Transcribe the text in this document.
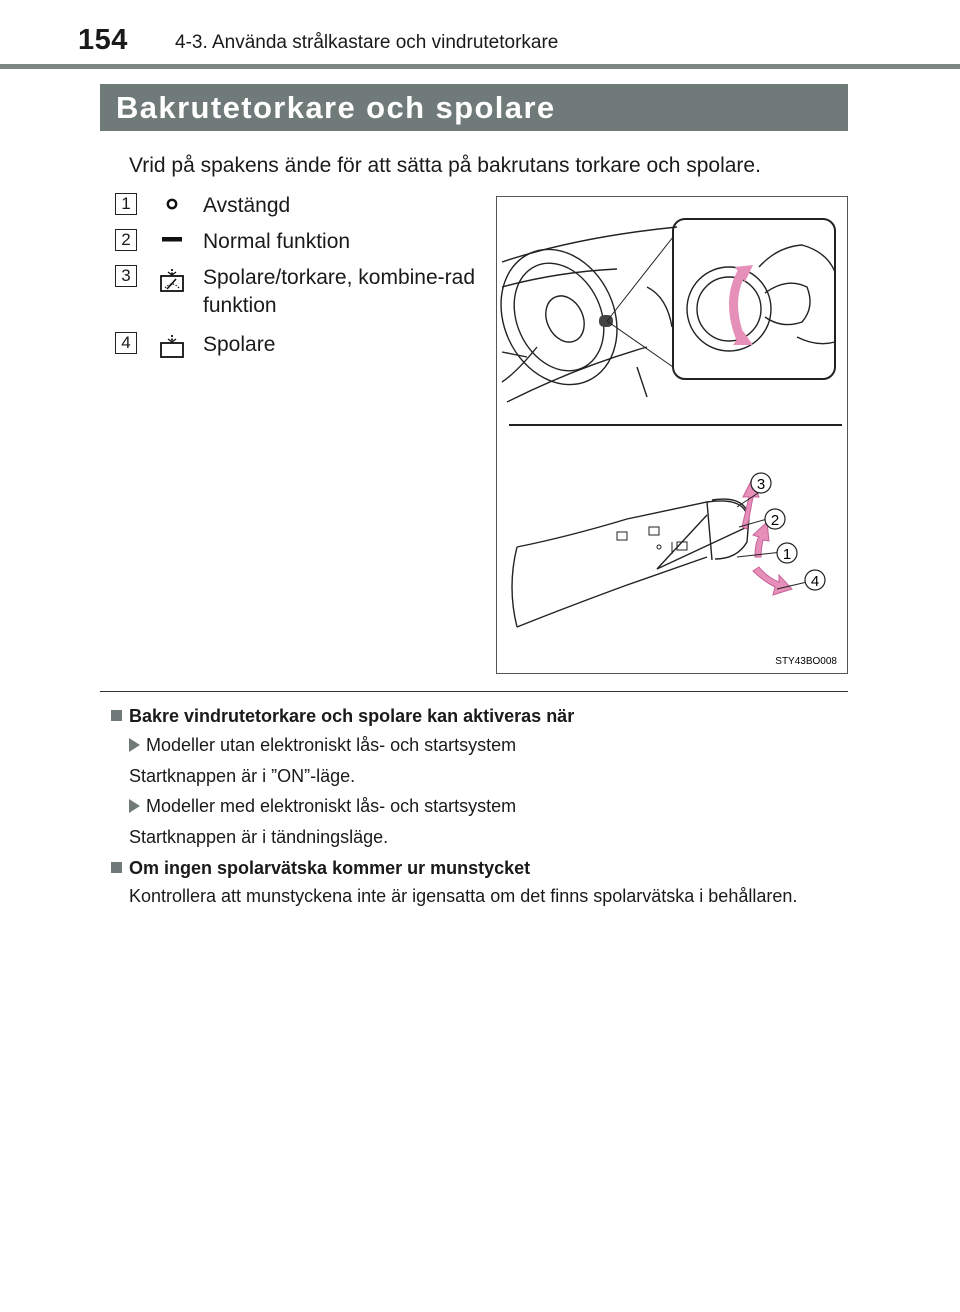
154 4-3. Använda strålkastare och vindrutetorkare
Bakrutetorkare och spolare
Vrid på spakens ände för att sätta på bakrutans torkare och spolare.
1	Avstängd
2	Normal funktion
3	Spolare/torkare, kombine-rad funktion
4	Spolare
3
2
1
4
STY43BO008
Bakre vindrutetorkare och spolare kan aktiveras när
Modeller utan elektroniskt lås- och startsystem
Startknappen är i ”ON”-läge.
Modeller med elektroniskt lås- och startsystem
Startknappen är i tändningsläge.
Om ingen spolarvätska kommer ur munstycket
Kontrollera att munstyckena inte är igensatta om det finns spolarvätska i behållaren.
